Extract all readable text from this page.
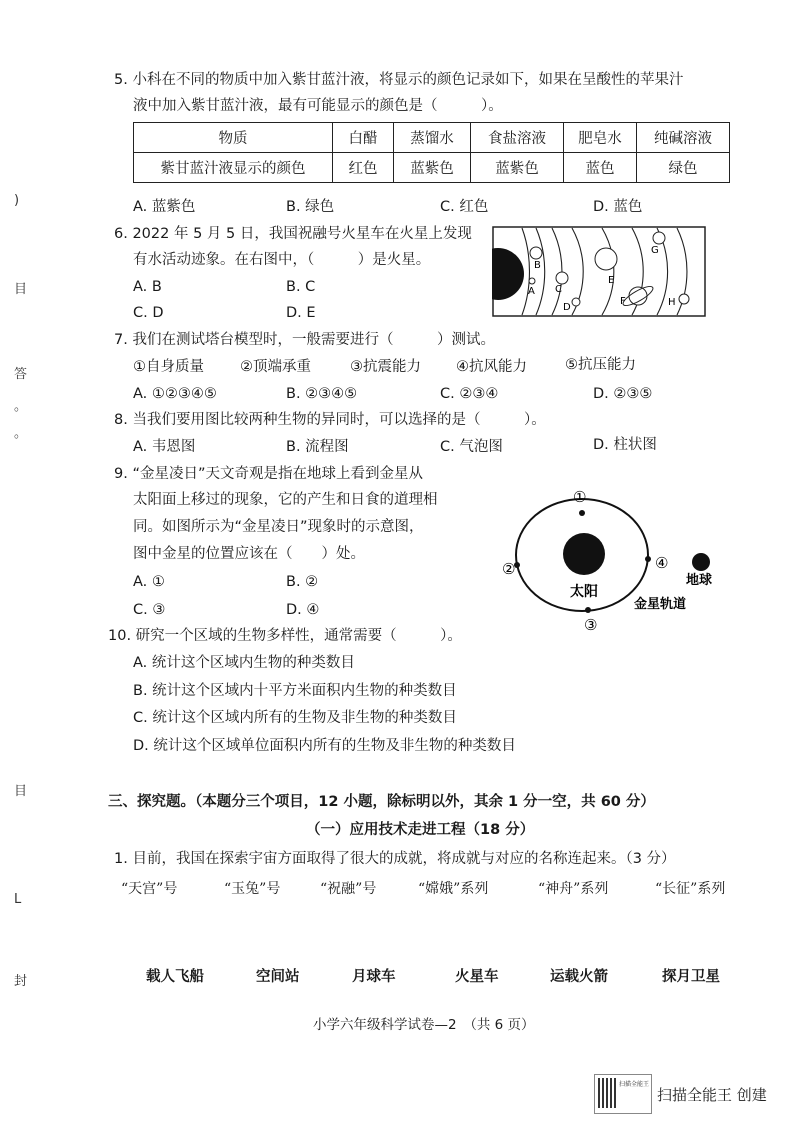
)
目
答
。
。
目
L
封
5. 小科在不同的物质中加入紫甘蓝汁液，将显示的颜色记录如下，如果在呈酸性的苹果汁
液中加入紫甘蓝汁液，最有可能显示的颜色是（　　　）。
物质	白醋	蒸馏水	食盐溶液	肥皂水	纯碱溶液
紫甘蓝汁液显示的颜色	红色	蓝紫色	蓝紫色	蓝色	绿色
A. 蓝紫色	B. 绿色	C. 红色	D. 蓝色
6. 2022 年 5 月 5 日，我国祝融号火星车在火星上发现
有水活动迹象。在右图中，（　　　）是火星。
A. B	B. C
C. D	D. E
A
B
C
D
E
F
G
H
7. 我们在测试塔台模型时，一般需要进行（　　　）测试。
①自身质量 ②顶端承重	③抗震能力 ④抗风能力	⑤抗压能力
A. ①②③④⑤	B. ②③④⑤	C. ②③④	D. ②③⑤
8. 当我们要用图比较两种生物的异同时，可以选择的是（　　　）。
A. 韦恩图	B. 流程图	C. 气泡图	D. 柱状图
9. “金星凌日”天文奇观是指在地球上看到金星从
太阳面上移过的现象，它的产生和日食的道理相
同。如图所示为“金星凌日”现象时的示意图，
图中金星的位置应该在（　　）处。
A. ①	B. ②
C. ③	D. ④
①
②
③
④
太阳
地球
金星轨道
10. 研究一个区域的生物多样性，通常需要（　　　）。
A. 统计这个区域内生物的种类数目
B. 统计这个区域内十平方米面积内生物的种类数目
C. 统计这个区域内所有的生物及非生物的种类数目
D. 统计这个区域单位面积内所有的生物及非生物的种类数目
三、探究题。（本题分三个项目，12 小题，除标明以外，其余 1 分一空，共 60 分）
（一）应用技术走进工程（18 分）
1. 目前，我国在探索宇宙方面取得了很大的成就，将成就与对应的名称连起来。（3 分）
“天宫”号	“玉兔”号	“祝融”号	“嫦娥”系列	“神舟”系列	“长征”系列
载人飞船	空间站	月球车	火星车	运载火箭	探月卫星
小学六年级科学试卷—2　（共 6 页）
扫描全能王
扫描全能王 创建
